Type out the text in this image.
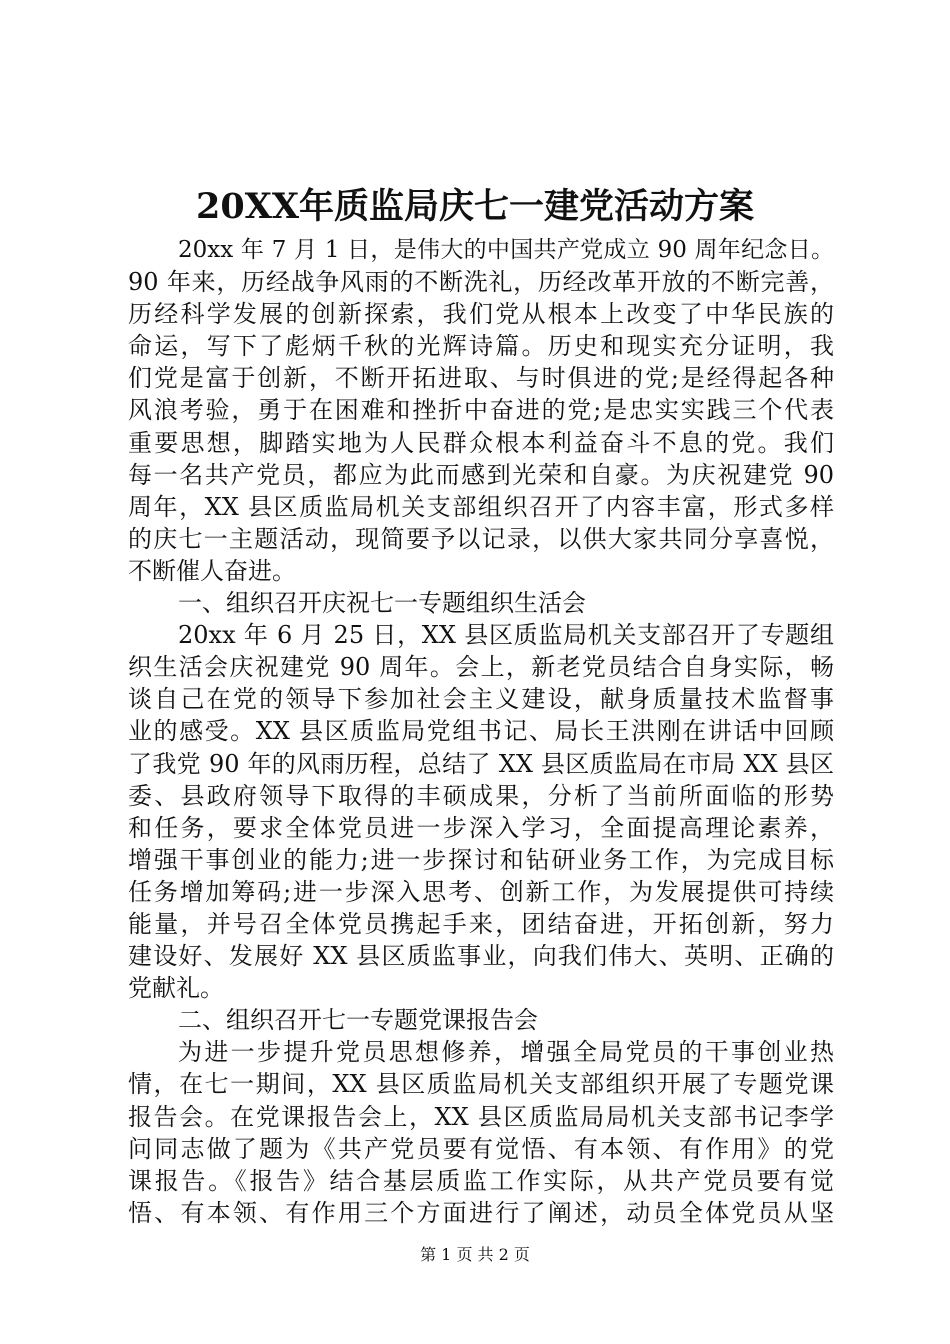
20XX年质监局庆七一建党活动方案
20xx 年 7 月 1 日，是伟大的中国共产党成立 90 周年纪念日。
90 年来，历经战争风雨的不断洗礼，历经改革开放的不断完善，
历经科学发展的创新探索，我们党从根本上改变了中华民族的
命运，写下了彪炳千秋的光辉诗篇。历史和现实充分证明，我
们党是富于创新，不断开拓进取、与时俱进的党;是经得起各种
风浪考验，勇于在困难和挫折中奋进的党;是忠实实践三个代表
重要思想，脚踏实地为人民群众根本利益奋斗不息的党。我们
每一名共产党员，都应为此而感到光荣和自豪。为庆祝建党 90
周年，XX 县区质监局机关支部组织召开了内容丰富，形式多样
的庆七一主题活动，现简要予以记录，以供大家共同分享喜悦，
不断催人奋进。
一、组织召开庆祝七一专题组织生活会
20xx 年 6 月 25 日，XX 县区质监局机关支部召开了专题组
织生活会庆祝建党 90 周年。会上，新老党员结合自身实际，畅
谈自己在党的领导下参加社会主义建设，献身质量技术监督事
业的感受。XX 县区质监局党组书记、局长王洪刚在讲话中回顾
了我党 90 年的风雨历程，总结了 XX 县区质监局在市局 XX 县区
委、县政府领导下取得的丰硕成果，分析了当前所面临的形势
和任务，要求全体党员进一步深入学习，全面提高理论素养，
增强干事创业的能力;进一步探讨和钻研业务工作，为完成目标
任务增加筹码;进一步深入思考、创新工作，为发展提供可持续
能量，并号召全体党员携起手来，团结奋进，开拓创新，努力
建设好、发展好 XX 县区质监事业，向我们伟大、英明、正确的
党献礼。
二、组织召开七一专题党课报告会
为进一步提升党员思想修养，增强全局党员的干事创业热
情，在七一期间，XX 县区质监局机关支部组织开展了专题党课
报告会。在党课报告会上，XX 县区质监局局机关支部书记李学
问同志做了题为《共产党员要有觉悟、有本领、有作用》的党
课报告。《报告》结合基层质监工作实际，从共产党员要有觉
悟、有本领、有作用三个方面进行了阐述，动员全体党员从坚
第 1 页 共 2 页
